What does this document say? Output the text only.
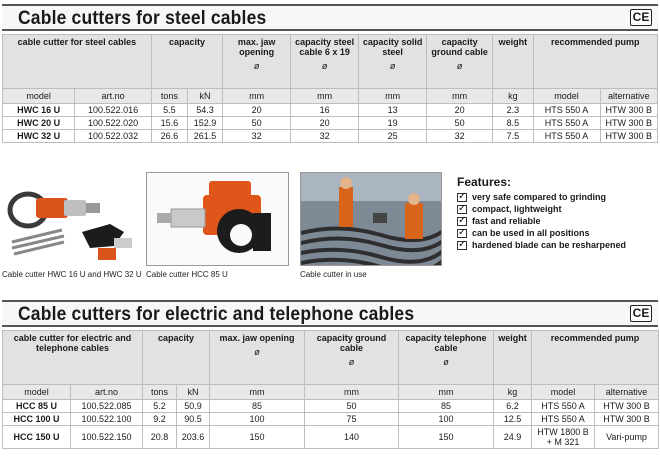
Cable cutters for steel cables	CE
cable cutter for steel cables		capacity		max. jaw opening
ø	capacity steel cable 6 x 19
ø	capacity solid steel
ø	capacity ground cable
ø	weight	recommended pump	
model	art.no	tons	kN	mm	mm	mm	mm	kg	model	alternative
HWC 16 U	100.522.016	5.5	54.3	20	16	13	20	2.3	HTS 550 A	HTW 300 B
HWC 20 U	100.522.020	15.6	152.9	50	20	19	50	8.5	HTS 550 A	HTW 300 B
HWC 32 U	100.522.032	26.6	261.5	32	32	25	32	7.5	HTS 550 A	HTW 300 B
Cable cutter HWC 16 U and HWC 32 U Cable cutter HCC 85 U	Cable cutter in use
Features:
✓
very safe compared to grinding
✓
compact, lightweight
✓
fast and reliable
✓
can be used in all positions
✓
hardened blade can be resharpened
Cable cutters for electric and telephone cables	CE
cable cutter for electric and telephone cables		capacity		max. jaw opening
ø	capacity ground cable
ø	capacity telephone cable
ø	weight	recommended pump	
model	art.no	tons	kN	mm	mm	mm	kg	model	alternative
HCC 85 U	100.522.085	5.2	50.9	85	50	85	6.2	HTS 550 A	HTW 300 B
HCC 100 U	100.522.100	9.2	90.5	100	75	100	12.5	HTS 550 A	HTW 300 B
HCC 150 U	100.522.150	20.8	203.6	150	140	150	24.9	HTW 1800 B + M 321	Vari-pump
